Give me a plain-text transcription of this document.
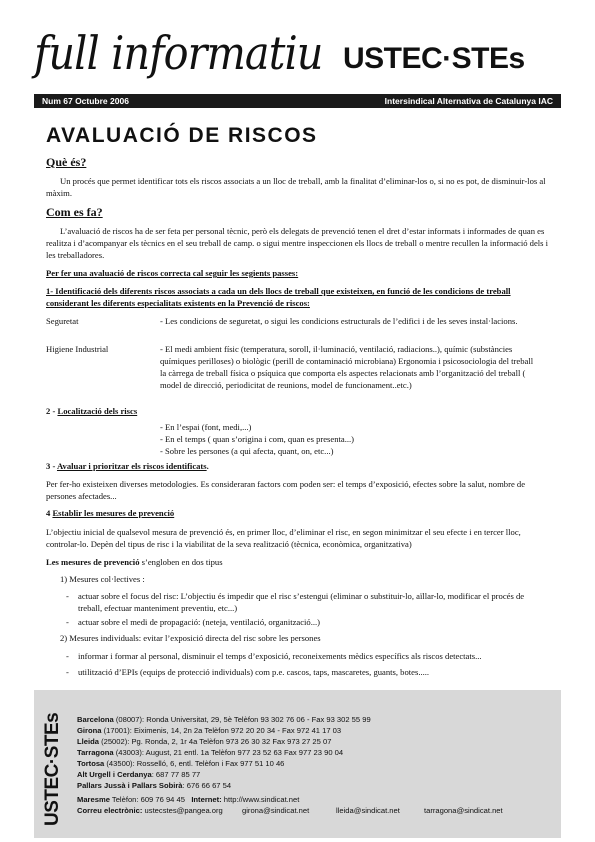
full informatiu USTEC·STEs
Num 67 Octubre 2006	Intersindical Alternativa de Catalunya IAC
AVALUACIÓ DE RISCOS
Què és?
Un procés que permet identificar tots els riscos associats a un lloc de treball, amb la finalitat d’eliminar-los o, si no es pot, de disminuir-los al màxim.
Com es fa?
L’avaluació de riscos ha de ser feta per personal tècnic, però els delegats de prevenció tenen el dret d’estar informats i informades de quan es realitza i d’acompanyar els tècnics en el seu treball de camp. o sigui mentre inspeccionen els llocs de treball o mentre recullen la informació dels i les treballadores.
Per fer una avaluació de riscos correcta cal seguir les segients passes:
1- Identificació dels diferents riscos associats a cada un dels llocs de treball que existeixen, en funció de les condicions de treball considerant les diferents especialitats existents en la Prevenció de riscos:
Seguretat	- Les condicions de seguretat, o sigui les condicions estructurals de l’edifici i de les seves instal·lacions.
Higiene Industrial	- El medi ambient físic (temperatura, soroll, il·luminació, ventilació, radiacions..), químic (substàncies químiques perilloses) o biològic (perill de contaminació microbiana) Ergonomia i psicosociologia del treball la càrrega de treball física o psíquica que comporta els aspectes relacionats amb l’organització del treball ( model de direcció, periodicitat de reunions, model de funcionament..etc.)
2 - Localització dels riscs
- En l’espai (font, medi,...)
- En el temps ( quan s’origina i com, quan es presenta...)
- Sobre les persones (a qui afecta, quant, on, etc...)
3 - Avaluar i prioritzar els riscos identificats.
Per fer-ho existeixen diverses metodologies. Es consideraran factors com poden ser: el temps d’exposició, efectes sobre la salut, nombre de persones afectades...
4 Establir les mesures de prevenció
L’objectiu inicial de qualsevol mesura de prevenció és, en primer lloc, d’eliminar el risc, en segon minimitzar el seu efecte i en tercer lloc, controlar-lo. Depèn del tipus de risc i la viabilitat de la seva realització (tècnica, econòmica, organitzativa)
Les mesures de prevenció s’engloben en dos tipus
1) Mesures col·lectives :
- actuar sobre el focus del risc: L’objectiu és impedir que el risc s’estengui (eliminar o substituir-lo, aïllar-lo, modificar el procés de treball, efectuar manteniment preventiu, etc...)
- actuar sobre el medi de propagació: (neteja, ventilació, organització...)
2) Mesures individuals: evitar l’exposició directa del risc sobre les persones
- informar i formar al personal, disminuir el temps d’exposició, reconeixements mèdics específics als riscos detectats...
- utilització d’EPIs (equips de protecció individuals) com p.e. cascos, taps, mascaretes, guants, botes.....
USTEC·STEs Barcelona (08007): Ronda Universitat, 29, 5è Telèfon 93 302 76 06 - Fax 93 302 55 99
Girona (17001): Eiximenis, 14, 2n 2a Telèfon 972 20 20 34 - Fax 972 41 17 03
Lleida (25002): Pg. Ronda, 2, 1r 4a Telèfon 973 26 30 32 Fax 973 27 25 07
Tarragona (43003): August, 21 entl. 1a Telèfon 977 23 52 63 Fax 977 23 90 04
Tortosa (43500): Rosselló, 6, entl. Telèfon i Fax 977 51 10 46
Alt Urgell i Cerdanya: 687 77 85 77
Pallars Jussà i Pallars Sobirà: 676 66 67 54
Maresme Telèfon: 609 76 94 45 Internet: http://www.sindicat.net
Correu electrònic: ustecstes@pangea.org	girona@sindicat.net	lleida@sindicat.net	tarragona@sindicat.net
